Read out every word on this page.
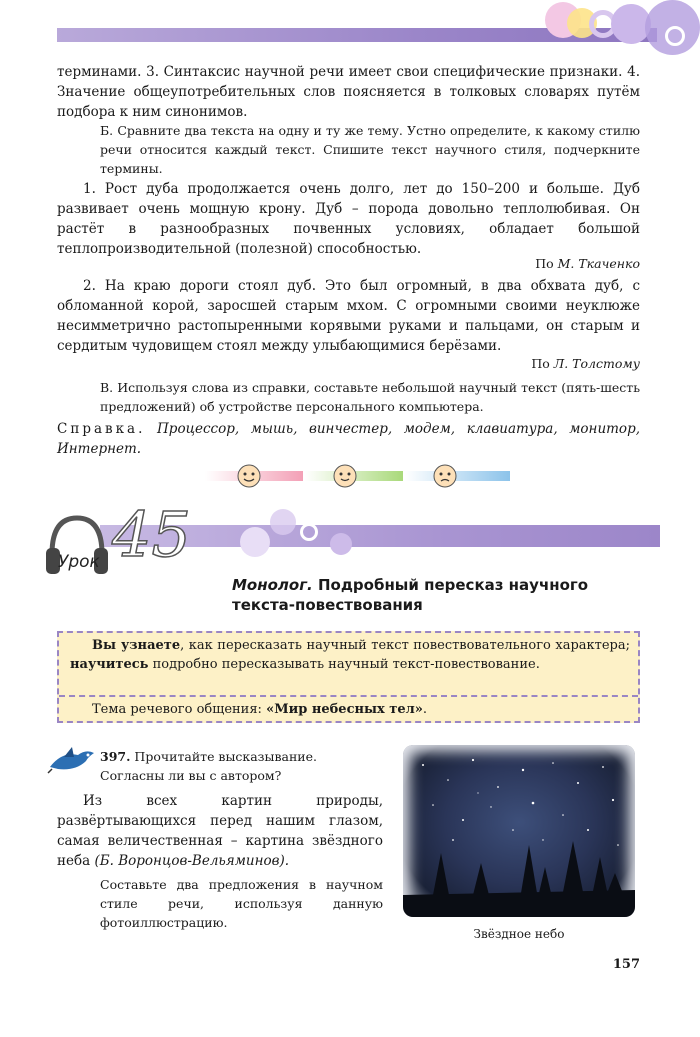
терминами. 3. Синтаксис научной речи имеет свои специфические признаки. 4. Значение общеупотребительных слов поясняется в толковых словарях путём подбора к ним синонимов.
Б. Сравните два текста на одну и ту же тему. Устно определите, к какому стилю речи относится каждый текст. Спишите текст научного стиля, подчеркните термины.
1. Рост дуба продолжается очень долго, лет до 150–200 и больше. Дуб развивает очень мощную крону. Дуб – порода довольно теплолюбивая. Он растёт в разнообразных почвенных условиях, обладает большой теплопроизводительной (полезной) способностью.
По М. Ткаченко
2. На краю дороги стоял дуб. Это был огромный, в два обхвата дуб, с обломанной корой, заросшей старым мхом. С огромными своими неуклюже несимметрично растопыренными корявыми руками и пальцами, он старым и сердитым чудовищем стоял между улыбающимися берёзами.
По Л. Толстому
В. Используя слова из справки, составьте небольшой научный текст (пять-шесть предложений) об устройстве персонального компьютера.
Справка. Процессор, мышь, винчестер, модем, клавиатура, монитор, Интернет.
Урок 45
Монолог. Подробный пересказ научного текста-повествования
Вы узнаете, как пересказать научный текст повествовательного характера; научитесь подробно пересказывать научный текст-повествование.
Тема речевого общения: «Мир небесных тел».
397. Прочитайте высказывание. Согласны ли вы с автором?
Из всех картин природы, развёртывающихся перед нашим глазом, самая величественная – картина звёздного неба (Б. Воронцов-Вельяминов).
Составьте два предложения в научном стиле речи, используя данную фотоиллюстрацию.
Звёздное небо
157
